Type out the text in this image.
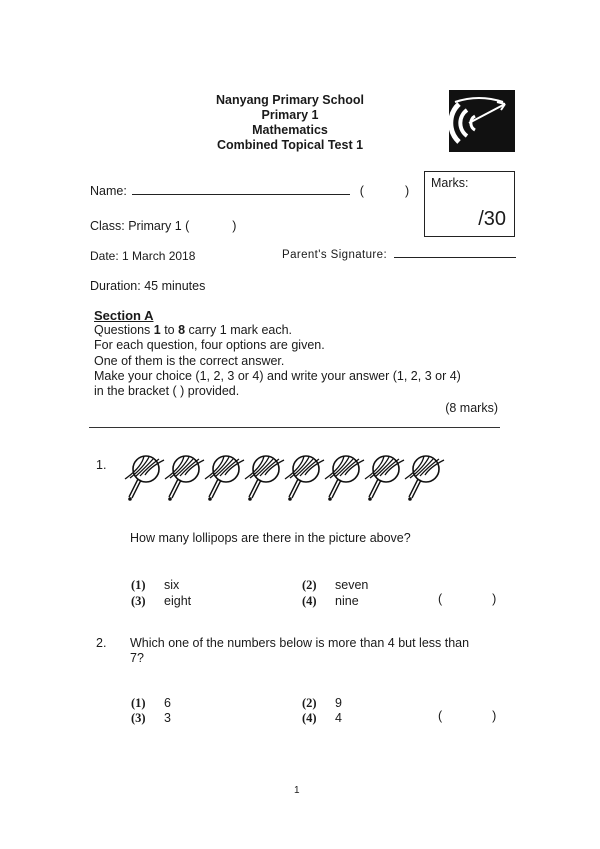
Nanyang Primary School
Primary 1
Mathematics
Combined Topical Test 1
Marks:
/30
Name:	(	)
Class: Primary 1 (	)
Date: 1 March 2018	Parent's Signature:
Duration: 45 minutes
Section A
Questions 1 to 8 carry 1 mark each.
For each question, four options are given.
One of them is the correct answer.
Make your choice (1, 2, 3 or 4) and write your answer (1, 2, 3 or 4)
in the bracket ( ) provided.
(8 marks)
1.
How many lollipops are there in the picture above?
(1) six	(2) seven
(3) eight	(4) nine	(	)
2. Which one of the numbers below is more than 4 but less than
7?
(1) 6	(2) 9
(3) 3	(4) 4	(	)
1
